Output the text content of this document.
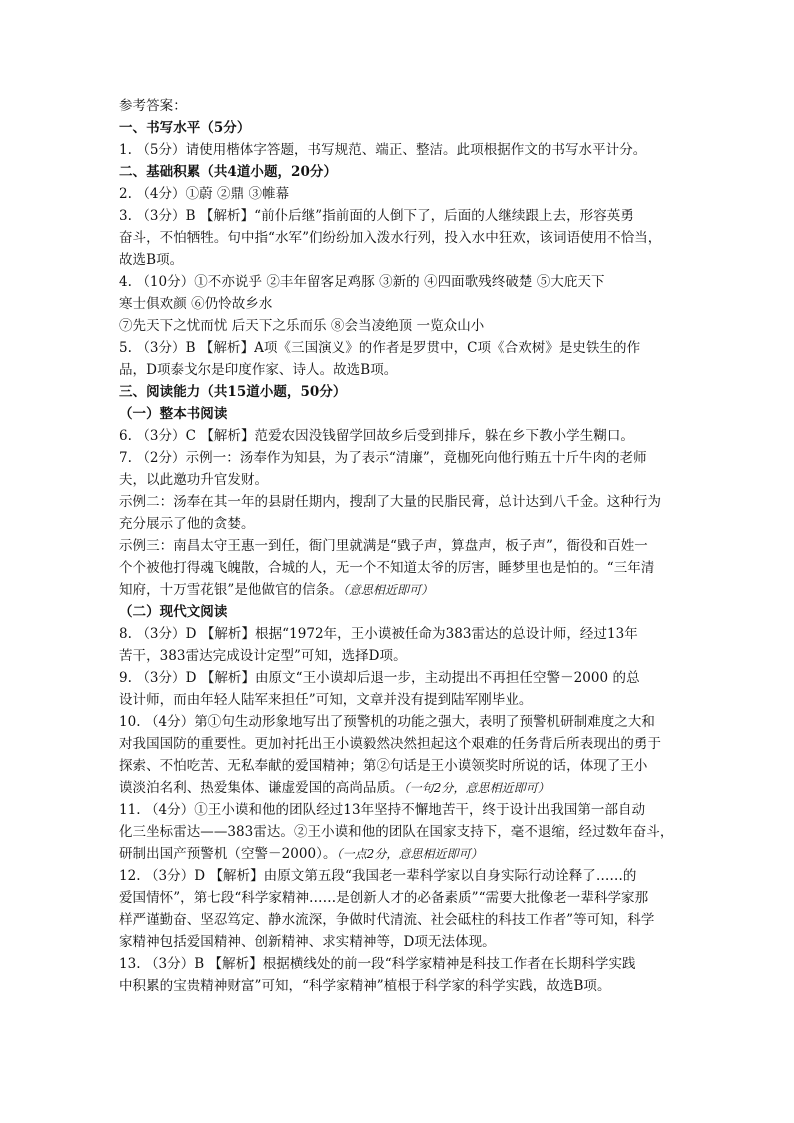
参考答案：
一、书写水平（5分）
1. （5分）请使用楷体字答题，书写规范、端正、整洁。此项根据作文的书写水平计分。
二、基础积累（共4道小题，20分）
2. （4分）①蔚 ②鼎 ③帷幕
3. （3分）B 【解析】“前仆后继”指前面的人倒下了，后面的人继续跟上去，形容英勇
奋斗，不怕牺牲。句中指“水军”们纷纷加入泼水行列，投入水中狂欢，该词语使用不恰当，
故选B项。
4. （10分）①不亦说乎 ②丰年留客足鸡豚 ③新的 ④四面歌残终破楚 ⑤大庇天下
寒士俱欢颜 ⑥仍怜故乡水
⑦先天下之忧而忧 后天下之乐而乐 ⑧会当凌绝顶 一览众山小
5. （3分）B 【解析】A项《三国演义》的作者是罗贯中，C项《合欢树》是史铁生的作
品，D项泰戈尔是印度作家、诗人。故选B项。
三、阅读能力（共15道小题，50分）
（一）整本书阅读
6. （3分）C 【解析】范爱农因没钱留学回故乡后受到排斥，躲在乡下教小学生糊口。
7. （2分）示例一：汤奉作为知县，为了表示“清廉”，竟枷死向他行贿五十斤牛肉的老师
夫，以此邀功升官发财。
示例二：汤奉在其一年的县尉任期内，搜刮了大量的民脂民膏，总计达到八千金。这种行为
充分展示了他的贪婪。
示例三：南昌太守王惠一到任，衙门里就满是“戥子声，算盘声，板子声”，衙役和百姓一
个个被他打得魂飞魄散，合城的人，无一个不知道太爷的厉害，睡梦里也是怕的。“三年清
知府，十万雪花银”是他做官的信条。（意思相近即可）
（二）现代文阅读
8. （3分）D 【解析】根据“1972年，王小谟被任命为383雷达的总设计师，经过13年
苦干，383雷达完成设计定型”可知，选择D项。
9. （3分）D 【解析】由原文“王小谟却后退一步，主动提出不再担任空警－2000 的总
设计师，而由年轻人陆军来担任”可知，文章并没有提到陆军刚毕业。
10. （4分）第①句生动形象地写出了预警机的功能之强大，表明了预警机研制难度之大和
对我国国防的重要性。更加衬托出王小谟毅然决然担起这个艰难的任务背后所表现出的勇于
探索、不怕吃苦、无私奉献的爱国精神；第②句话是王小谟领奖时所说的话，体现了王小
谟淡泊名利、热爱集体、谦虚爱国的高尚品质。（一句2分，意思相近即可）
11. （4分）①王小谟和他的团队经过13年坚持不懈地苦干，终于设计出我国第一部自动
化三坐标雷达——383雷达。②王小谟和他的团队在国家支持下，毫不退缩，经过数年奋斗，
研制出国产预警机（空警－2000）。（一点2分，意思相近即可）
12. （3分）D 【解析】由原文第五段“我国老一辈科学家以自身实际行动诠释了……的
爱国情怀”，第七段“科学家精神……是创新人才的必备素质”“需要大批像老一辈科学家那
样严谨勤奋、坚忍笃定、静水流深，争做时代清流、社会砥柱的科技工作者”等可知，科学
家精神包括爱国精神、创新精神、求实精神等，D项无法体现。
13. （3分）B 【解析】根据横线处的前一段“科学家精神是科技工作者在长期科学实践
中积累的宝贵精神财富”可知，“科学家精神”植根于科学家的科学实践，故选B项。
